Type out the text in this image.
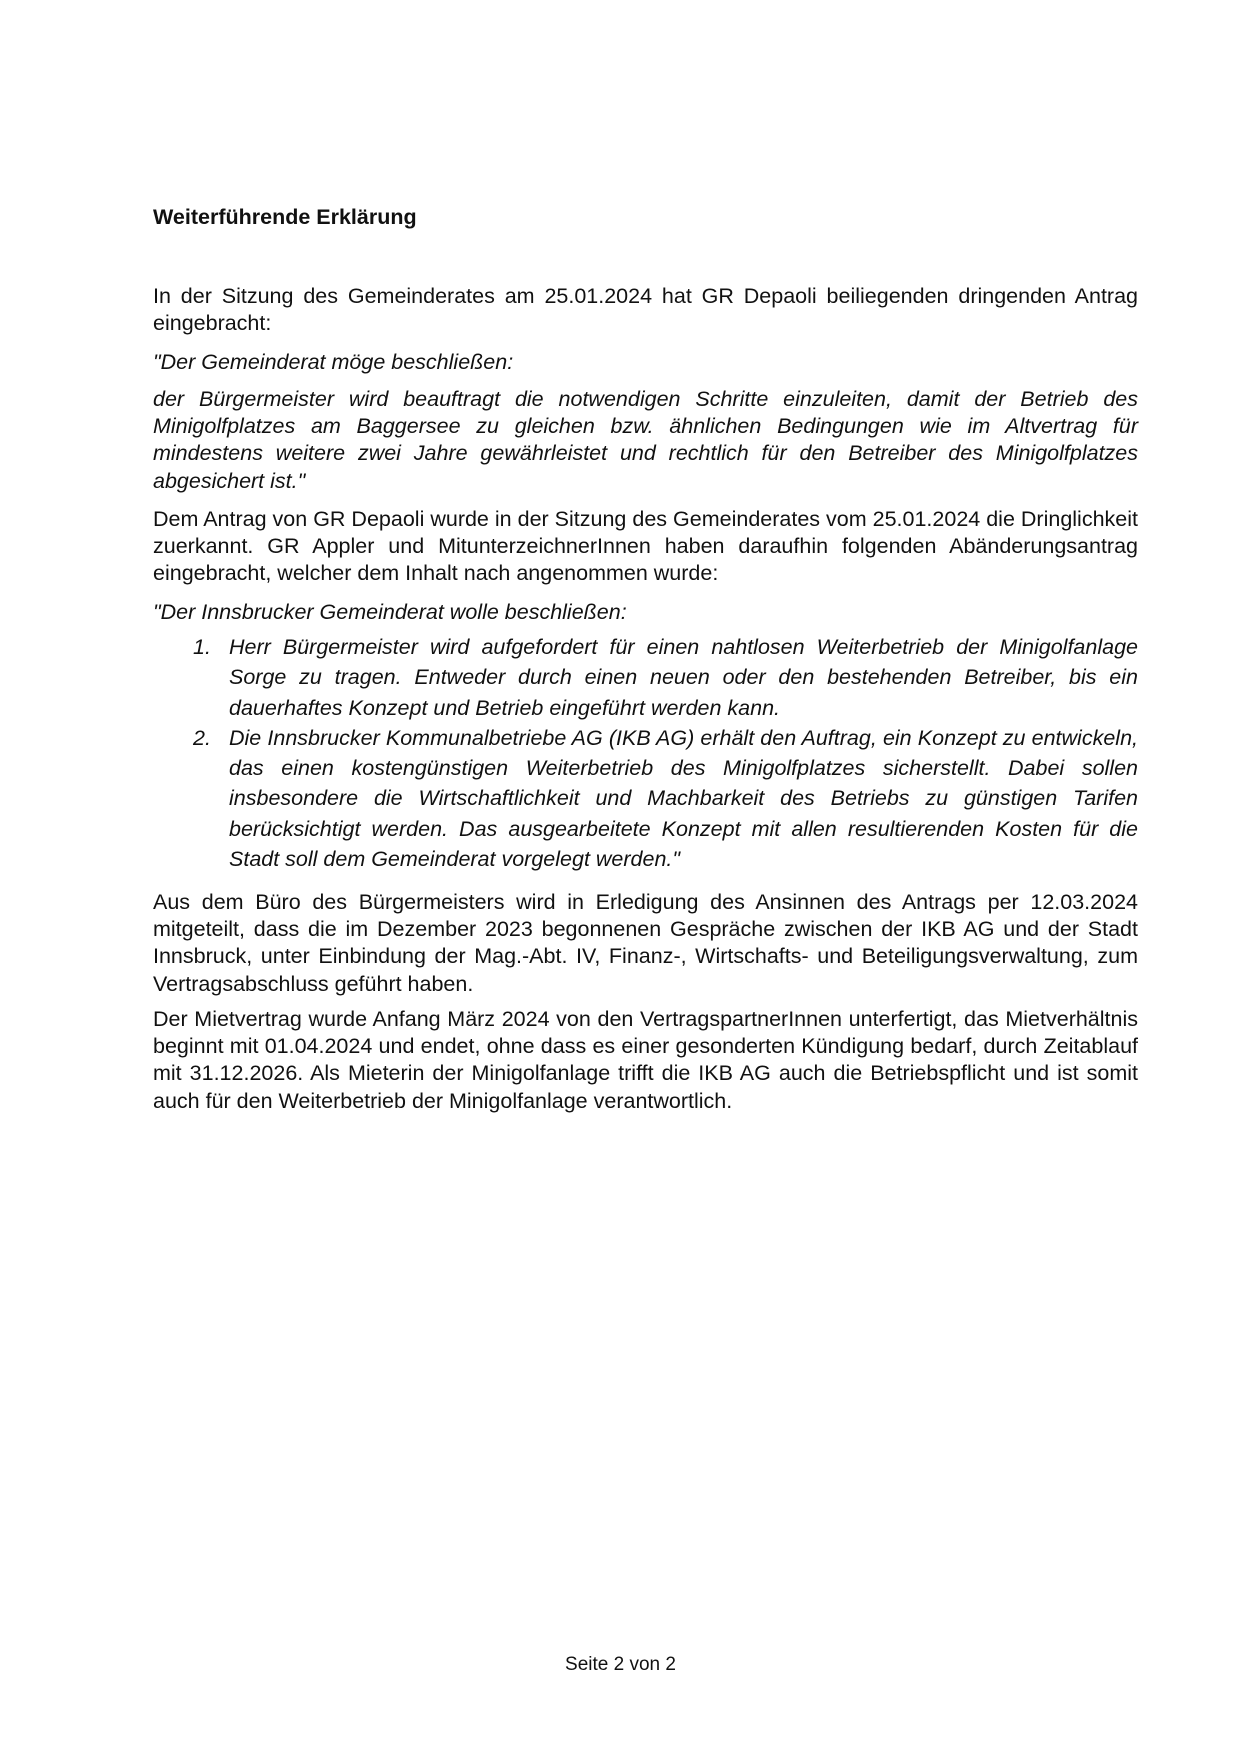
Weiterführende Erklärung
In der Sitzung des Gemeinderates am 25.01.2024 hat GR Depaoli beiliegenden dringenden Antrag eingebracht:
"Der Gemeinderat möge beschließen:
der Bürgermeister wird beauftragt die notwendigen Schritte einzuleiten, damit der Betrieb des Minigolfplatzes am Baggersee zu gleichen bzw. ähnlichen Bedingungen wie im Altvertrag für mindestens weitere zwei Jahre gewährleistet und rechtlich für den Betreiber des Minigolfplatzes abgesichert ist."
Dem Antrag von GR Depaoli wurde in der Sitzung des Gemeinderates vom 25.01.2024 die Dringlichkeit zuerkannt. GR Appler und MitunterzeichnerInnen haben daraufhin folgenden Abänderungsantrag eingebracht, welcher dem Inhalt nach angenommen wurde:
"Der Innsbrucker Gemeinderat wolle beschließen:
1. Herr Bürgermeister wird aufgefordert für einen nahtlosen Weiterbetrieb der Minigolfanlage Sorge zu tragen. Entweder durch einen neuen oder den bestehenden Betreiber, bis ein dauerhaftes Konzept und Betrieb eingeführt werden kann.
2. Die Innsbrucker Kommunalbetriebe AG (IKB AG) erhält den Auftrag, ein Konzept zu entwickeln, das einen kostengünstigen Weiterbetrieb des Minigolfplatzes sicherstellt. Dabei sollen insbesondere die Wirtschaftlichkeit und Machbarkeit des Betriebs zu günstigen Tarifen berücksichtigt werden. Das ausgearbeitete Konzept mit allen resultierenden Kosten für die Stadt soll dem Gemeinderat vorgelegt werden."
Aus dem Büro des Bürgermeisters wird in Erledigung des Ansinnen des Antrags per 12.03.2024 mitgeteilt, dass die im Dezember 2023 begonnenen Gespräche zwischen der IKB AG und der Stadt Innsbruck, unter Einbindung der Mag.-Abt. IV, Finanz-, Wirtschafts- und Beteiligungsverwaltung, zum Vertragsabschluss geführt haben.
Der Mietvertrag wurde Anfang März 2024 von den VertragspartnerInnen unterfertigt, das Mietverhältnis beginnt mit 01.04.2024 und endet, ohne dass es einer gesonderten Kündigung bedarf, durch Zeitablauf mit 31.12.2026. Als Mieterin der Minigolfanlage trifft die IKB AG auch die Betriebspflicht und ist somit auch für den Weiterbetrieb der Minigolfanlage verantwortlich.
Seite 2 von 2
